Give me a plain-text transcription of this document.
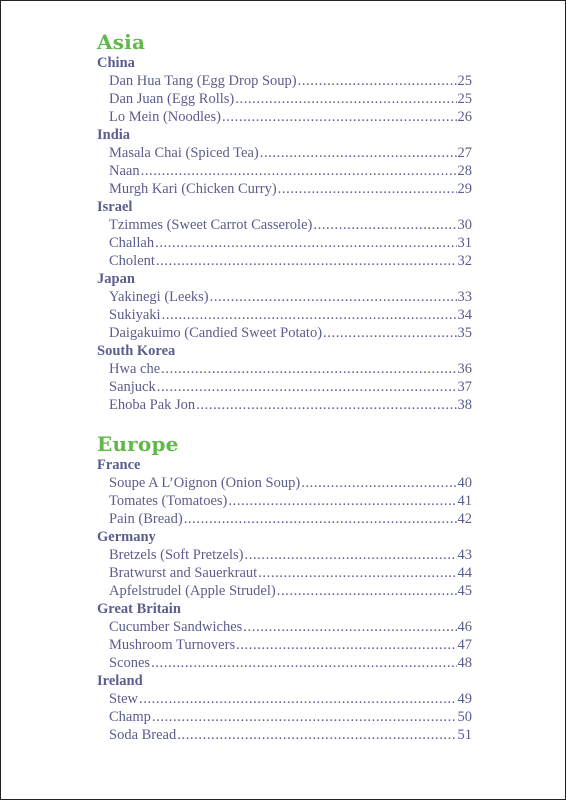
Asia
China
Dan Hua Tang (Egg Drop Soup) .....	25
Dan Juan (Egg Rolls) .....	25
Lo Mein (Noodles) .....	26
India
Masala Chai (Spiced Tea) .....	27
Naan .....	28
Murgh Kari (Chicken Curry) .....	29
Israel
Tzimmes (Sweet Carrot Casserole) .....	30
Challah .....	31
Cholent .....	32
Japan
Yakinegi (Leeks) .....	33
Sukiyaki .....	34
Daigakuimo (Candied Sweet Potato) .....	35
South Korea
Hwa che .....	36
Sanjuck .....	37
Ehoba Pak Jon .....	38
Europe
France
Soupe A L’Oignon (Onion Soup) .....	40
Tomates (Tomatoes) .....	41
Pain (Bread) .....	42
Germany
Bretzels (Soft Pretzels) .....	43
Bratwurst and Sauerkraut .....	44
Apfelstrudel (Apple Strudel) .....	45
Great Britain
Cucumber Sandwiches .....	46
Mushroom Turnovers .....	47
Scones .....	48
Ireland
Stew .....	49
Champ .....	50
Soda Bread .....	51
